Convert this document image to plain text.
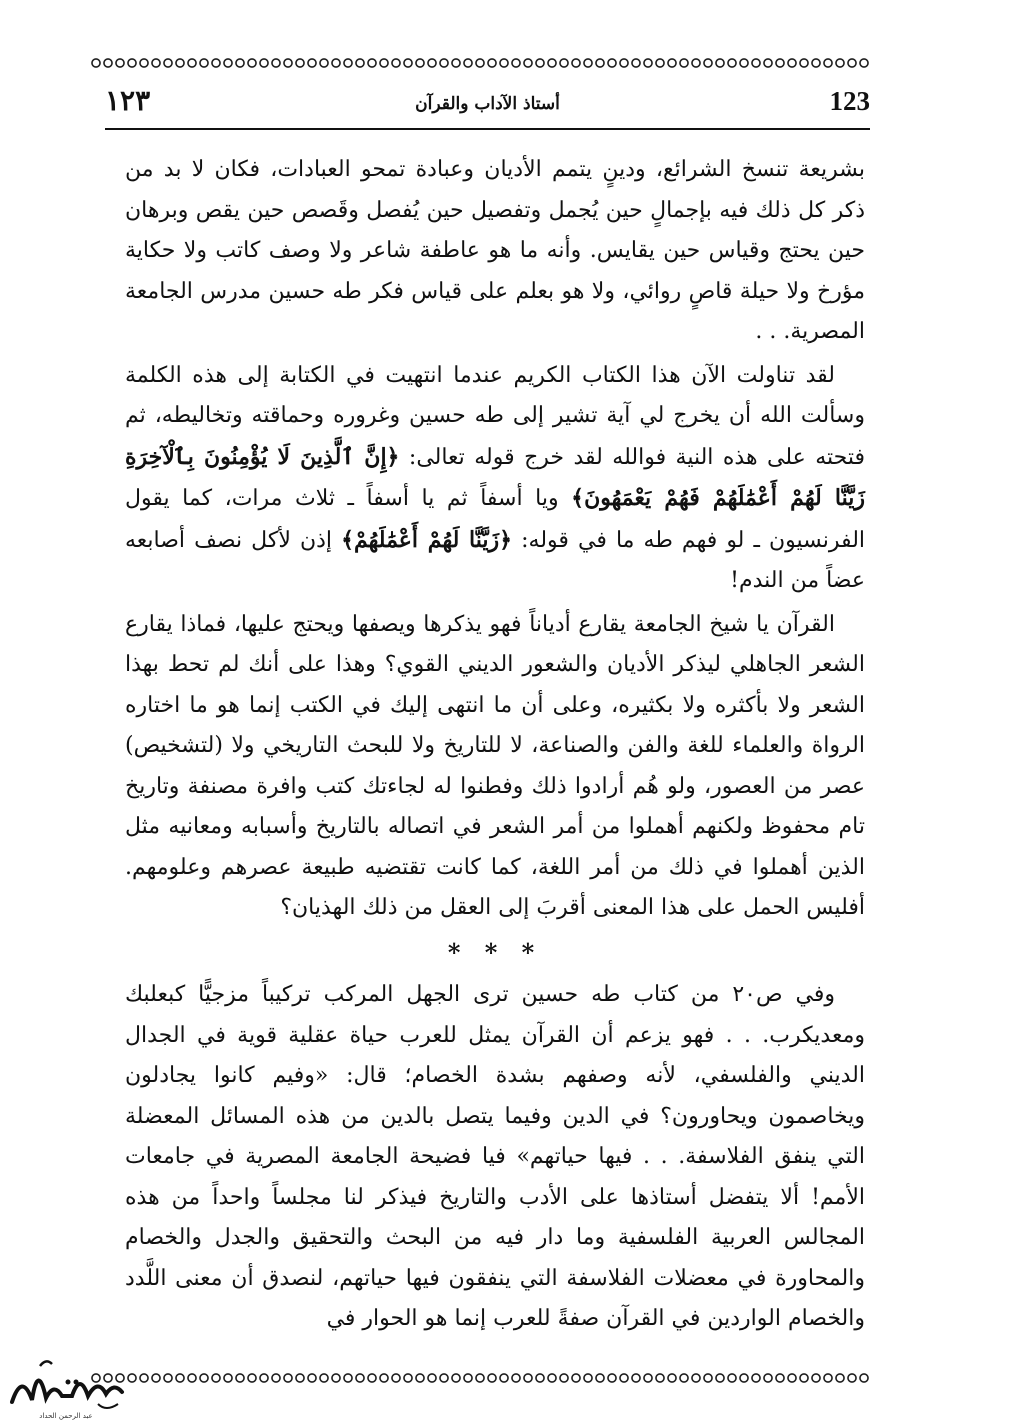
123
أستاذ الآداب والقرآن
١٢٣

بشريعة تنسخ الشرائع، ودينٍ يتمم الأديان وعبادة تمحو العبادات، فكان لا بد من ذكر كل ذلك فيه بإجمالٍ حين يُجمل وتفصيل حين يُفصل وقَصص حين يقص وبرهان حين يحتج وقياس حين يقايس. وأنه ما هو عاطفة شاعر ولا وصف كاتب ولا حكاية مؤرخ ولا حيلة قاصٍ روائي، ولا هو بعلم على قياس فكر طه حسين مدرس الجامعة المصرية. . .

لقد تناولت الآن هذا الكتاب الكريم عندما انتهيت في الكتابة إلى هذه الكلمة وسألت الله أن يخرج لي آية تشير إلى طه حسين وغروره وحماقته وتخاليطه، ثم فتحته على هذه النية فوالله لقد خرج قوله تعالى: ﴿إِنَّ ٱلَّذِينَ لَا يُؤْمِنُونَ بِٱلْآخِرَةِ زَيَّنَّا لَهُمْ أَعْمَٰلَهُمْ فَهُمْ يَعْمَهُونَ﴾ ويا أسفاً ثم يا أسفاً ـ ثلاث مرات، كما يقول الفرنسيون ـ لو فهم طه ما في قوله: ﴿زَيَّنَّا لَهُمْ أَعْمَٰلَهُمْ﴾ إذن لأكل نصف أصابعه عضاً من الندم!

القرآن يا شيخ الجامعة يقارع أدياناً فهو يذكرها ويصفها ويحتج عليها، فماذا يقارع الشعر الجاهلي ليذكر الأديان والشعور الديني القوي؟ وهذا على أنك لم تحط بهذا الشعر ولا بأكثره ولا بكثيره، وعلى أن ما انتهى إليك في الكتب إنما هو ما اختاره الرواة والعلماء للغة والفن والصناعة، لا للتاريخ ولا للبحث التاريخي ولا (لتشخيص) عصر من العصور، ولو هُم أرادوا ذلك وفطنوا له لجاءتك كتب وافرة مصنفة وتاريخ تام محفوظ ولكنهم أهملوا من أمر الشعر في اتصاله بالتاريخ وأسبابه ومعانيه مثل الذين أهملوا في ذلك من أمر اللغة، كما كانت تقتضيه طبيعة عصرهم وعلومهم. أفليس الحمل على هذا المعنى أقربَ إلى العقل من ذلك الهذيان؟

* * *

وفي ص٢٠ من كتاب طه حسين ترى الجهل المركب تركيباً مزجيًّا كبعلبك ومعديكرب. . . فهو يزعم أن القرآن يمثل للعرب حياة عقلية قوية في الجدال الديني والفلسفي، لأنه وصفهم بشدة الخصام؛ قال: «وفيم كانوا يجادلون ويخاصمون ويحاورون؟ في الدين وفيما يتصل بالدين من هذه المسائل المعضلة التي ينفق الفلاسفة. . . فيها حياتهم» فيا فضيحة الجامعة المصرية في جامعات الأمم! ألا يتفضل أستاذها على الأدب والتاريخ فيذكر لنا مجلساً واحداً من هذه المجالس العربية الفلسفية وما دار فيه من البحث والتحقيق والجدل والخصام والمحاورة في معضلات الفلاسفة التي ينفقون فيها حياتهم، لنصدق أن معنى اللَّدد والخصام الواردين في القرآن صفةً للعرب إنما هو الحوار في

عبد الرحمن الحداد
